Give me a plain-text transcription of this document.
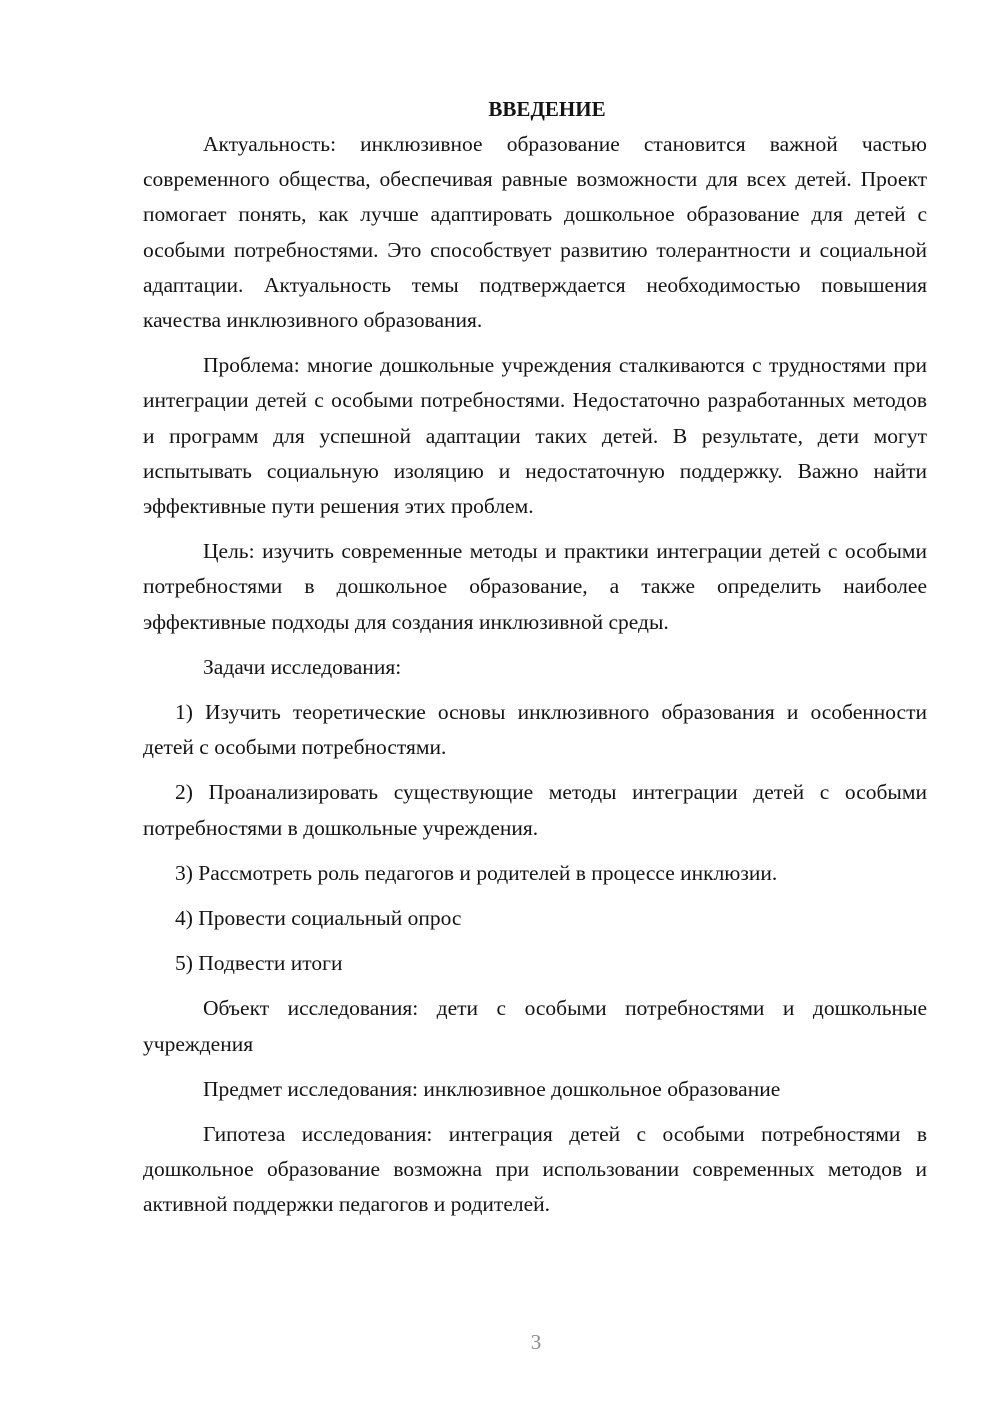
ВВЕДЕНИЕ

Актуальность: инклюзивное образование становится важной частью современного общества, обеспечивая равные возможности для всех детей. Проект помогает понять, как лучше адаптировать дошкольное образование для детей с особыми потребностями. Это способствует развитию толерантности и социальной адаптации. Актуальность темы подтверждается необходимостью повышения качества инклюзивного образования.

Проблема: многие дошкольные учреждения сталкиваются с трудностями при интеграции детей с особыми потребностями. Недостаточно разработанных методов и программ для успешной адаптации таких детей. В результате, дети могут испытывать социальную изоляцию и недостаточную поддержку. Важно найти эффективные пути решения этих проблем.

Цель: изучить современные методы и практики интеграции детей с особыми потребностями в дошкольное образование, а также определить наиболее эффективные подходы для создания инклюзивной среды.

Задачи исследования:

1) Изучить теоретические основы инклюзивного образования и особенности детей с особыми потребностями.

2) Проанализировать существующие методы интеграции детей с особыми потребностями в дошкольные учреждения.

3) Рассмотреть роль педагогов и родителей в процессе инклюзии.

4) Провести социальный опрос

5) Подвести итоги

Объект исследования: дети с особыми потребностями и дошкольные учреждения

Предмет исследования: инклюзивное дошкольное образование

Гипотеза исследования: интеграция детей с особыми потребностями в дошкольное образование возможна при использовании современных методов и активной поддержки педагогов и родителей.

3
